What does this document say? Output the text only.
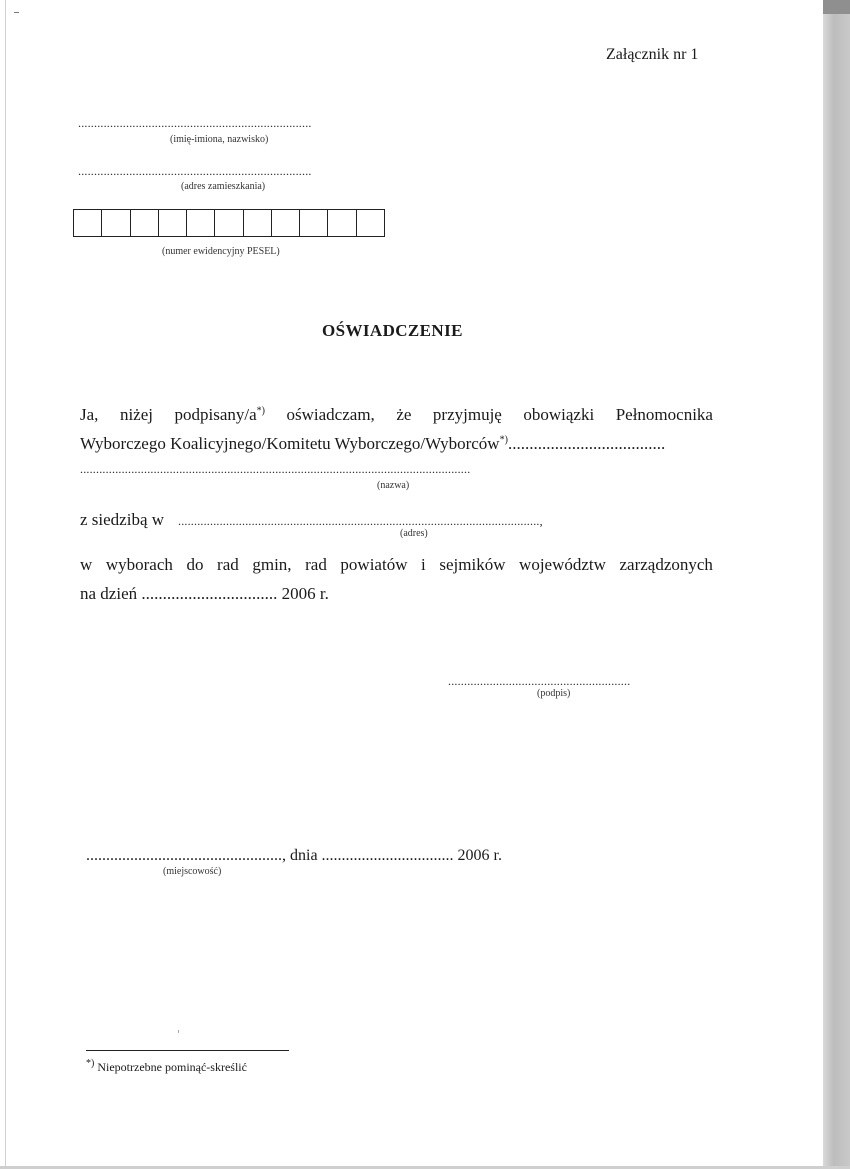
Załącznik nr 1
.........................................................................
(imię-imiona, nazwisko)
.........................................................................
(adres zamieszkania)
(numer ewidencyjny PESEL)
OŚWIADCZENIE
Ja, niżej podpisany/a*) oświadczam, że przyjmuję obowiązki Pełnomocnika
Wyborczego Koalicyjnego/Komitetu Wyborczego/Wyborców*).....................................
..........................................................................................................................
(nazwa)
z siedzibą w .................................................................................................................,
(adres)
w wyborach do rad gmin, rad powiatów i sejmików województw zarządzonych
na dzień ................................ 2006 r.
.........................................................
(podpis)
................................................., dnia ................................. 2006 r.
(miejscowość)
*) Niepotrzebne pominąć-skreślić
